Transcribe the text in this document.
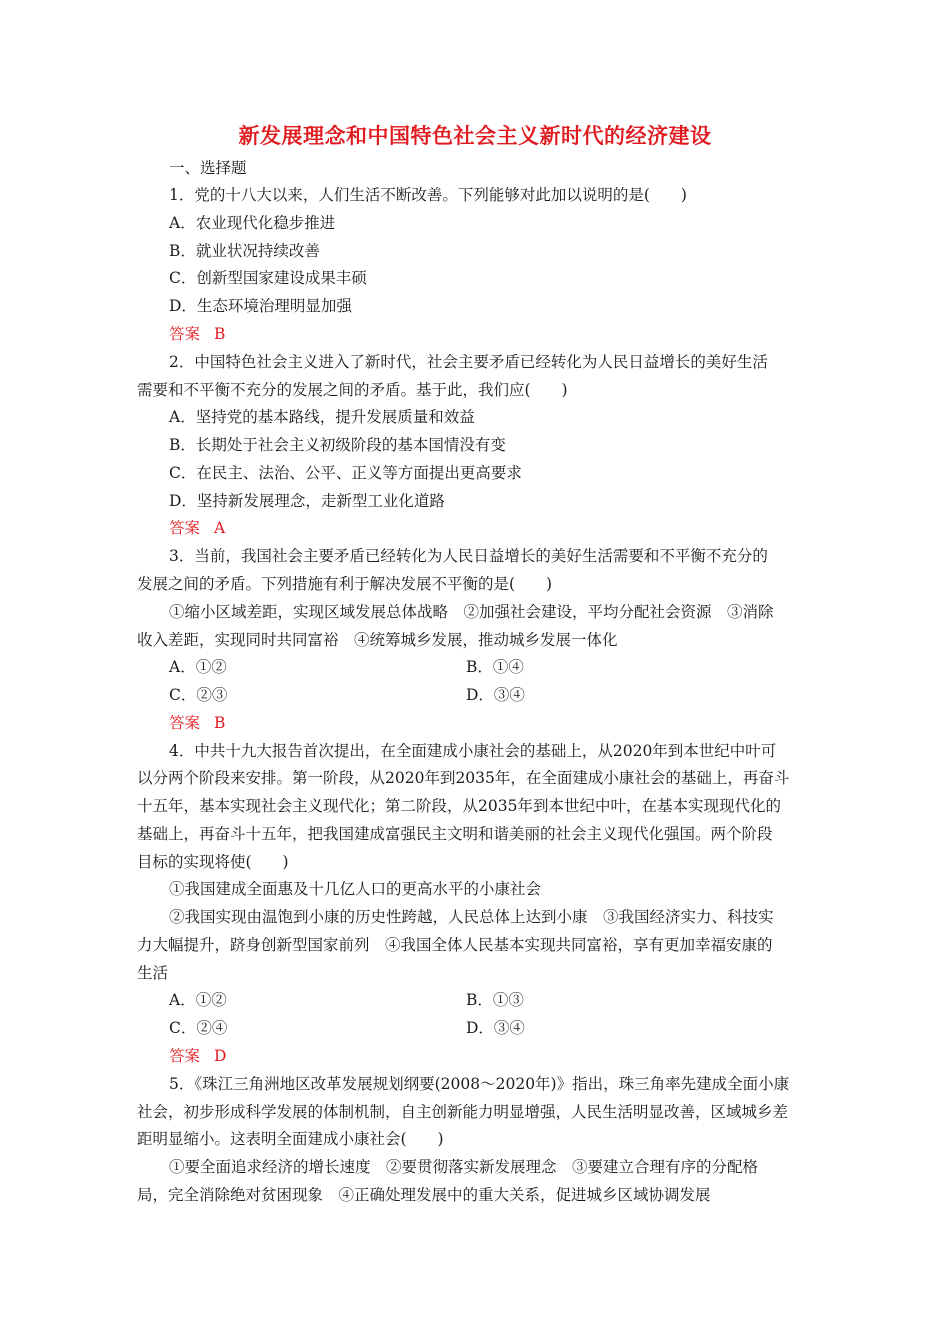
新发展理念和中国特色社会主义新时代的经济建设
一、选择题
1．党的十八大以来，人们生活不断改善。下列能够对此加以说明的是(　　)
A．农业现代化稳步推进
B．就业状况持续改善
C．创新型国家建设成果丰硕
D．生态环境治理明显加强
答案 B
2．中国特色社会主义进入了新时代，社会主要矛盾已经转化为人民日益增长的美好生活
需要和不平衡不充分的发展之间的矛盾。基于此，我们应(　　)
A．坚持党的基本路线，提升发展质量和效益
B．长期处于社会主义初级阶段的基本国情没有变
C．在民主、法治、公平、正义等方面提出更高要求
D．坚持新发展理念，走新型工业化道路
答案 A
3．当前，我国社会主要矛盾已经转化为人民日益增长的美好生活需要和不平衡不充分的
发展之间的矛盾。下列措施有利于解决发展不平衡的是(　　)
①缩小区域差距，实现区域发展总体战略　②加强社会建设，平均分配社会资源　③消除
收入差距，实现同时共同富裕　④统筹城乡发展，推动城乡发展一体化
A．①②	B．①④
C．②③	D．③④
答案 B
4．中共十九大报告首次提出，在全面建成小康社会的基础上，从2020年到本世纪中叶可
以分两个阶段来安排。第一阶段，从2020年到2035年，在全面建成小康社会的基础上，再奋斗
十五年，基本实现社会主义现代化；第二阶段，从2035年到本世纪中叶，在基本实现现代化的
基础上，再奋斗十五年，把我国建成富强民主文明和谐美丽的社会主义现代化强国。两个阶段
目标的实现将使(　　)
①我国建成全面惠及十几亿人口的更高水平的小康社会
②我国实现由温饱到小康的历史性跨越，人民总体上达到小康　③我国经济实力、科技实
力大幅提升，跻身创新型国家前列　④我国全体人民基本实现共同富裕，享有更加幸福安康的
生活
A．①②	B．①③
C．②④	D．③④
答案 D
5．《珠江三角洲地区改革发展规划纲要(2008～2020年)》指出，珠三角率先建成全面小康
社会，初步形成科学发展的体制机制，自主创新能力明显增强，人民生活明显改善，区域城乡差
距明显缩小。这表明全面建成小康社会(　　)
①要全面追求经济的增长速度　②要贯彻落实新发展理念　③要建立合理有序的分配格
局，完全消除绝对贫困现象　④正确处理发展中的重大关系，促进城乡区域协调发展
